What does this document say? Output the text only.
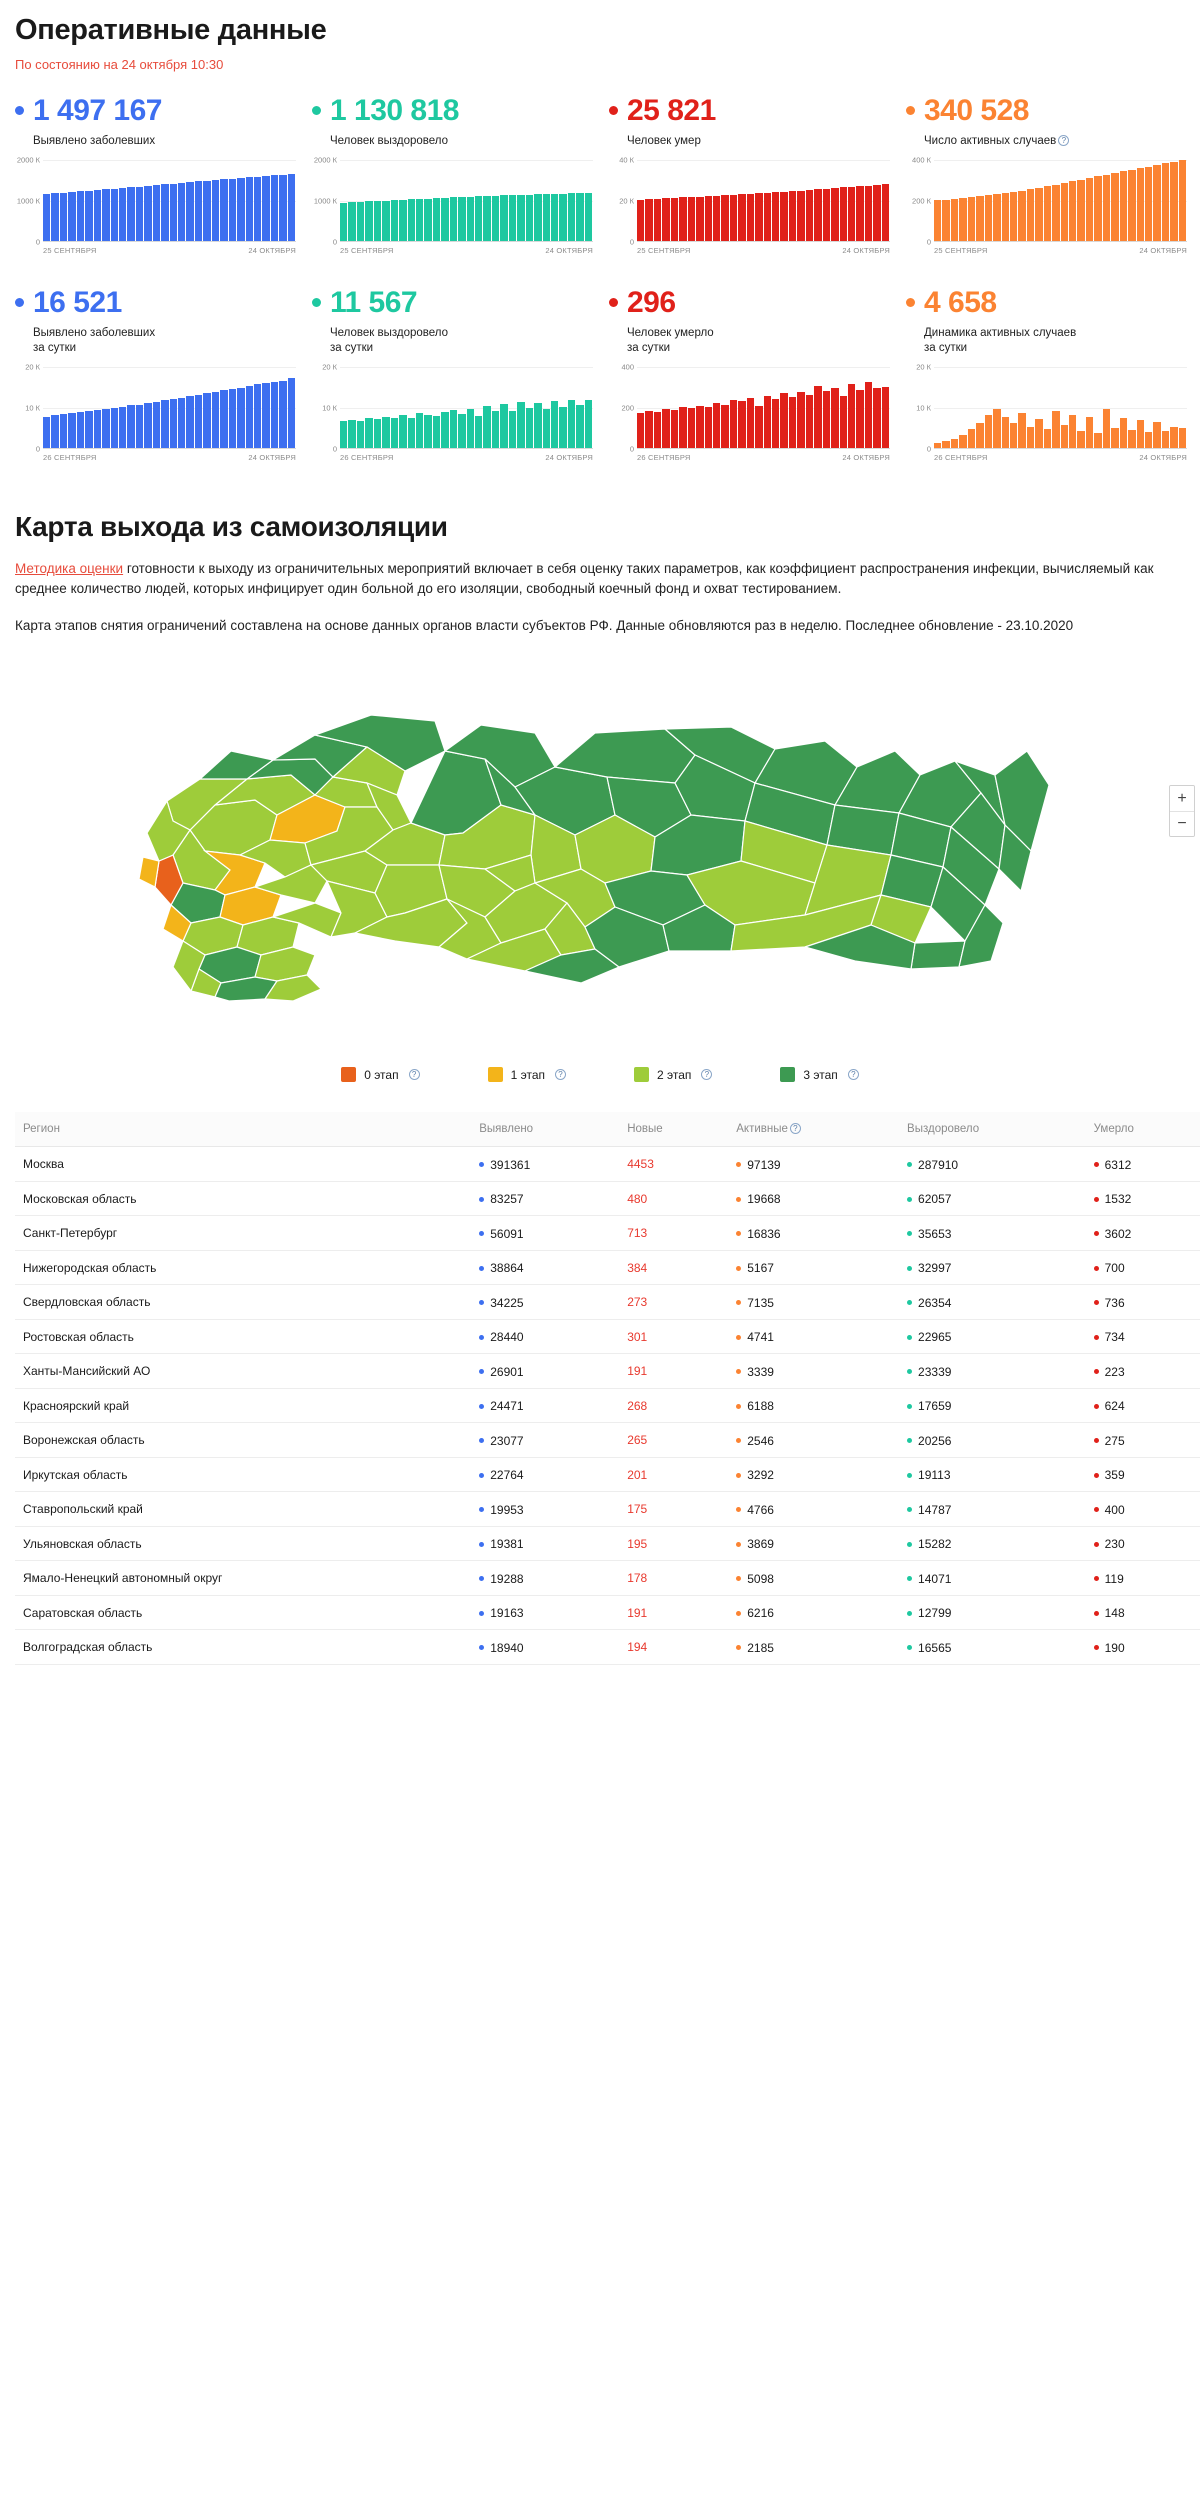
Оперативные данные
По состоянию на 24 октября 10:30
1 497 167
Выявлено заболевших
2000 К
1000 К
0
25 СЕНТЯБРЯ	24 ОКТЯБРЯ
1 130 818
Человек выздоровело
2000 К
1000 К
0
25 СЕНТЯБРЯ	24 ОКТЯБРЯ
25 821
Человек умер
40 К
20 К
0
25 СЕНТЯБРЯ	24 ОКТЯБРЯ
340 528
Число активных случаев ?
400 К
200 К
0
25 СЕНТЯБРЯ	24 ОКТЯБРЯ
16 521
Выявлено заболевших
за сутки
20 К
10 К
0
26 СЕНТЯБРЯ	24 ОКТЯБРЯ
11 567
Человек выздоровело
за сутки
20 К
10 К
0
26 СЕНТЯБРЯ	24 ОКТЯБРЯ
296
Человек умерло
за сутки
400
200
0
26 СЕНТЯБРЯ	24 ОКТЯБРЯ
4 658
Динамика активных случаев
за сутки
20 К
10 К
0
26 СЕНТЯБРЯ	24 ОКТЯБРЯ
Карта выхода из самоизоляции

Методика оценки готовности к выходу из ограничительных мероприятий включает в себя оценку таких параметров, как коэффициент распространения инфекции, вычисляемый как среднее количество людей, которых инфицирует один больной до его изоляции, свободный коечный фонд и охват тестированием.

Карта этапов снятия ограничений составлена на основе данных органов власти субъектов РФ. Данные обновляются раз в неделю. Последнее обновление - 23.10.2020

+
−
0 этап	?	1 этап	?	2 этап	?	3 этап	?
Регион	Выявлено	Новые	Активные ?	Выздоровело	Умерло
Москва	391361	4453	97139	287910	6312

Московская область	83257	480	19668	62057	1532

Санкт-Петербург	56091	713	16836	35653	3602

Нижегородская область	38864	384	5167	32997	700

Свердловская область	34225	273	7135	26354	736

Ростовская область	28440	301	4741	22965	734

Ханты-Мансийский АО	26901	191	3339	23339	223

Красноярский край	24471	268	6188	17659	624

Воронежская область	23077	265	2546	20256	275

Иркутская область	22764	201	3292	19113	359

Ставропольский край	19953	175	4766	14787	400

Ульяновская область	19381	195	3869	15282	230

Ямало-Ненецкий автономный округ	19288	178	5098	14071	119

Саратовская область	19163	191	6216	12799	148

Волгоградская область	18940	194	2185	16565	190
